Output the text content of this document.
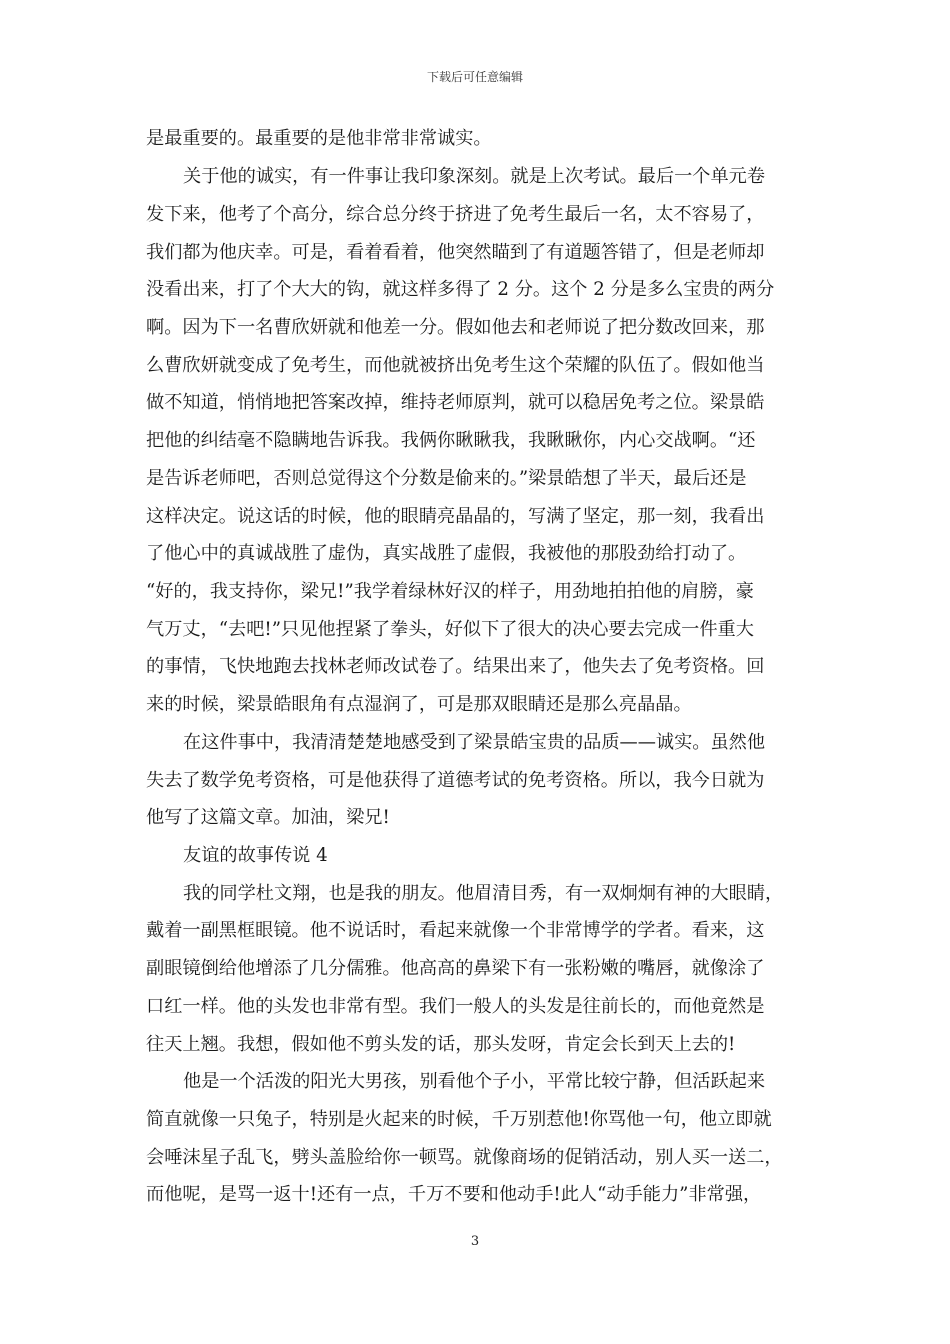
下载后可任意编辑
是最重要的。最重要的是他非常非常诚实。
关于他的诚实，有一件事让我印象深刻。就是上次考试。最后一个单元卷
发下来，他考了个高分，综合总分终于挤进了免考生最后一名，太不容易了，
我们都为他庆幸。可是，看着看着，他突然瞄到了有道题答错了，但是老师却
没看出来，打了个大大的钩，就这样多得了 2 分。这个 2 分是多么宝贵的两分
啊。因为下一名曹欣妍就和他差一分。假如他去和老师说了把分数改回来，那
么曹欣妍就变成了免考生，而他就被挤出免考生这个荣耀的队伍了。假如他当
做不知道，悄悄地把答案改掉，维持老师原判，就可以稳居免考之位。梁景皓
把他的纠结毫不隐瞒地告诉我。我俩你瞅瞅我，我瞅瞅你，内心交战啊。“还
是告诉老师吧，否则总觉得这个分数是偷来的。”梁景皓想了半天，最后还是
这样决定。说这话的时候，他的眼睛亮晶晶的，写满了坚定，那一刻，我看出
了他心中的真诚战胜了虚伪，真实战胜了虚假，我被他的那股劲给打动了。
“好的，我支持你，梁兄!”我学着绿林好汉的样子，用劲地拍拍他的肩膀，豪
气万丈，“去吧!”只见他捏紧了拳头，好似下了很大的决心要去完成一件重大
的事情，飞快地跑去找林老师改试卷了。结果出来了，他失去了免考资格。回
来的时候，梁景皓眼角有点湿润了，可是那双眼睛还是那么亮晶晶。
在这件事中，我清清楚楚地感受到了梁景皓宝贵的品质——诚实。虽然他
失去了数学免考资格，可是他获得了道德考试的免考资格。所以，我今日就为
他写了这篇文章。加油，梁兄!
友谊的故事传说 4
我的同学杜文翔，也是我的朋友。他眉清目秀，有一双炯炯有神的大眼睛，
戴着一副黑框眼镜。他不说话时，看起来就像一个非常博学的学者。看来，这
副眼镜倒给他增添了几分儒雅。他高高的鼻梁下有一张粉嫩的嘴唇，就像涂了
口红一样。他的头发也非常有型。我们一般人的头发是往前长的，而他竟然是
往天上翘。我想，假如他不剪头发的话，那头发呀，肯定会长到天上去的!
他是一个活泼的阳光大男孩，别看他个子小，平常比较宁静，但活跃起来
简直就像一只兔子，特别是火起来的时候，千万别惹他!你骂他一句，他立即就
会唾沫星子乱飞，劈头盖脸给你一顿骂。就像商场的促销活动，别人买一送二，
而他呢，是骂一返十!还有一点，千万不要和他动手!此人“动手能力”非常强，
3
